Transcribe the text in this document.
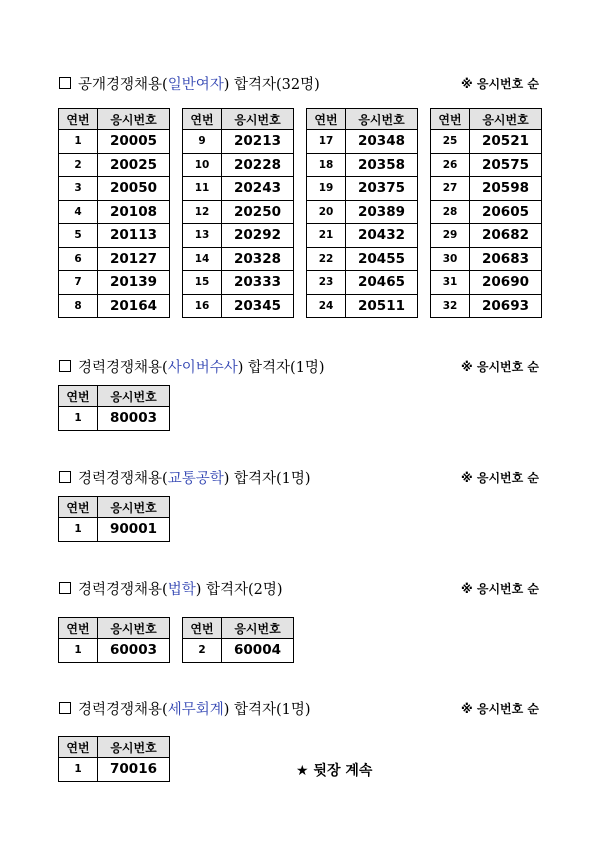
공개경쟁채용(일반여자) 합격자(32명)	※ 응시번호 순
연번	응시번호
1	20005
2	20025
3	20050
4	20108
5	20113
6	20127
7	20139
8	20164
연번	응시번호
9	20213
10	20228
11	20243
12	20250
13	20292
14	20328
15	20333
16	20345
연번	응시번호
17	20348
18	20358
19	20375
20	20389
21	20432
22	20455
23	20465
24	20511
연번	응시번호
25	20521
26	20575
27	20598
28	20605
29	20682
30	20683
31	20690
32	20693
경력경쟁채용(사이버수사) 합격자(1명)	※ 응시번호 순
연번	응시번호
1	80003
경력경쟁채용(교통공학) 합격자(1명)	※ 응시번호 순
연번	응시번호
1	90001
경력경쟁채용(법학) 합격자(2명)	※ 응시번호 순
연번	응시번호
1	60003
연번	응시번호
2	60004
경력경쟁채용(세무회계) 합격자(1명)	※ 응시번호 순
연번	응시번호
1	70016	★ 뒷장 계속
